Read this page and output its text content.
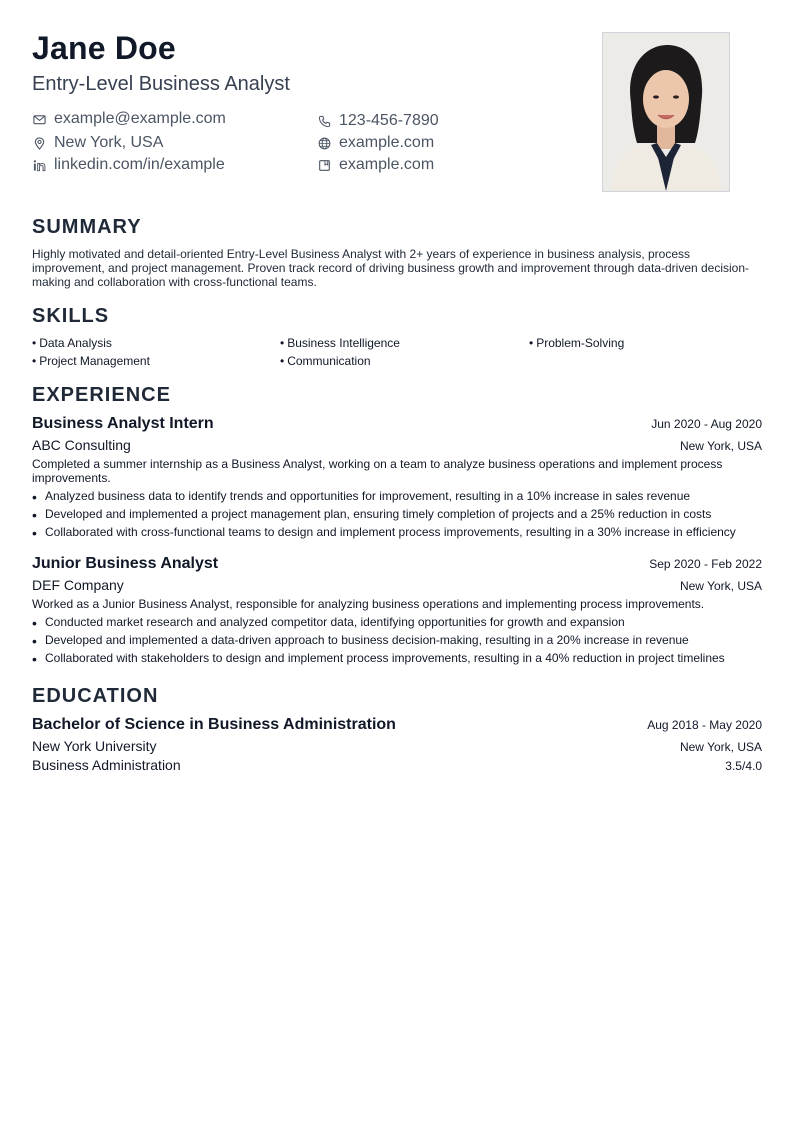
Jane Doe
Entry-Level Business Analyst
example@example.com	123-456-7890
New York, USA	example.com
linkedin.com/in/example	example.com
SUMMARY
Highly motivated and detail-oriented Entry-Level Business Analyst with 2+ years of experience in business analysis, process improvement, and project management. Proven track record of driving business growth and improvement through data-driven decision-making and collaboration with cross-functional teams.
SKILLS
• Data Analysis	• Business Intelligence	• Problem-Solving
• Project Management	• Communication
EXPERIENCE
Business Analyst Intern	Jun 2020 - Aug 2020
ABC Consulting	New York, USA
Completed a summer internship as a Business Analyst, working on a team to analyze business operations and implement process improvements.
• Analyzed business data to identify trends and opportunities for improvement, resulting in a 10% increase in sales revenue
• Developed and implemented a project management plan, ensuring timely completion of projects and a 25% reduction in costs
• Collaborated with cross-functional teams to design and implement process improvements, resulting in a 30% increase in efficiency
Junior Business Analyst	Sep 2020 - Feb 2022
DEF Company	New York, USA
Worked as a Junior Business Analyst, responsible for analyzing business operations and implementing process improvements.
• Conducted market research and analyzed competitor data, identifying opportunities for growth and expansion
• Developed and implemented a data-driven approach to business decision-making, resulting in a 20% increase in revenue
• Collaborated with stakeholders to design and implement process improvements, resulting in a 40% reduction in project timelines
EDUCATION
Bachelor of Science in Business Administration	Aug 2018 - May 2020
New York University	New York, USA
Business Administration	3.5/4.0
